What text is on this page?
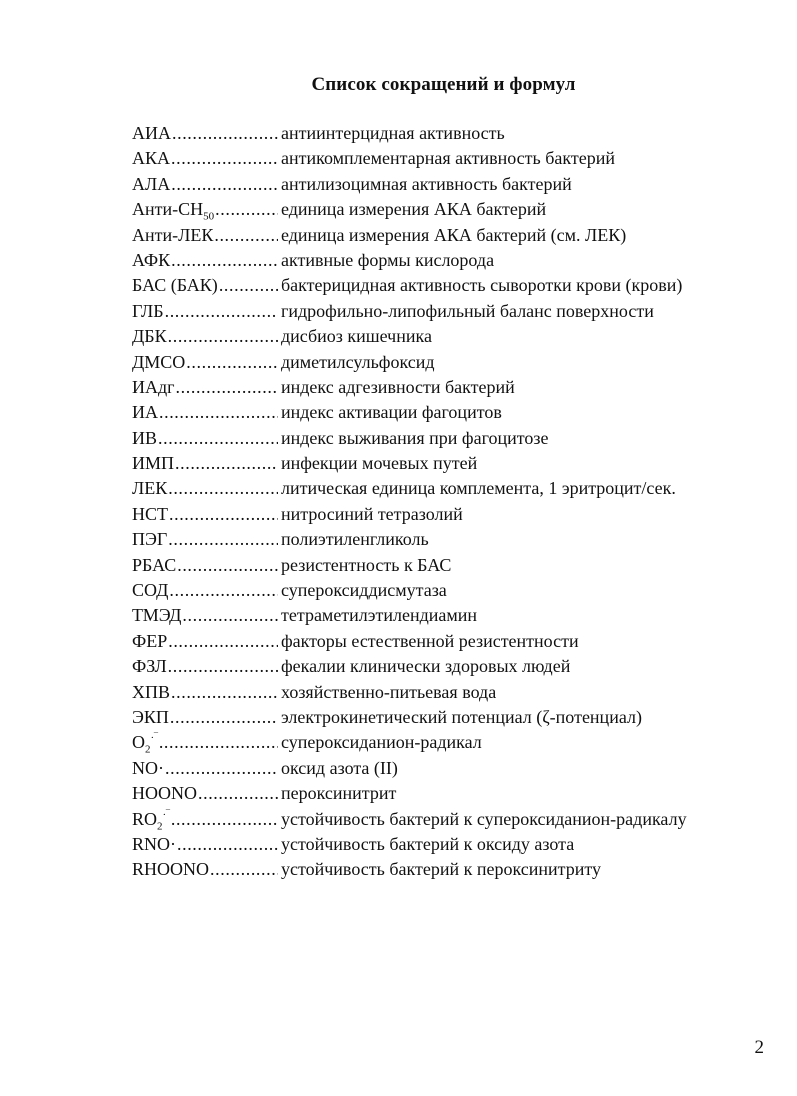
Список сокращений и формул
АИА .....	антиинтерцидная активность
АКА .....	антикомплементарная активность бактерий
АЛА .....	антилизоцимная активность бактерий
Анти-$CH_{50}$ .....	единица измерения АКА бактерий
Анти-ЛЕК .....	единица измерения АКА бактерий (см. ЛЕК)
АФК .....	активные формы кислорода
БАС (БАК) .....	бактерицидная активность сыворотки крови (крови)
ГЛБ .....	гидрофильно-липофильный баланс поверхности
ДБК .....	дисбиоз кишечника
ДМСО .....	диметилсульфоксид
ИАдг .....	индекс адгезивности бактерий
ИА .....	индекс активации фагоцитов
ИВ .....	индекс выживания при фагоцитозе
ИМП .....	инфекции мочевых путей
ЛЕК .....	литическая единица комплемента, 1 эритроцит/сек.
НСТ .....	нитросиний тетразолий
ПЭГ .....	полиэтиленгликоль
РБАС .....	резистентность к БАС
СОД .....	супероксиддисмутаза
ТМЭД .....	тетраметилэтилендиамин
ФЕР .....	факторы естественной резистентности
ФЗЛ .....	фекалии клинически здоровых людей
ХПВ .....	хозяйственно-питьевая вода
ЭКП .....	электрокинетический потенциал (ζ-потенциал)
$O_2^{\cdot‾}$ .....	супероксиданион-радикал
NO· .....	оксид азота (II)
HOONO .....	пероксинитрит
$RO_2^{\cdot‾}$ .....	устойчивость бактерий к супероксиданион-радикалу
RNO· .....	устойчивость бактерий к оксиду азота
RHOONO .....	устойчивость бактерий к пероксинитриту
2
